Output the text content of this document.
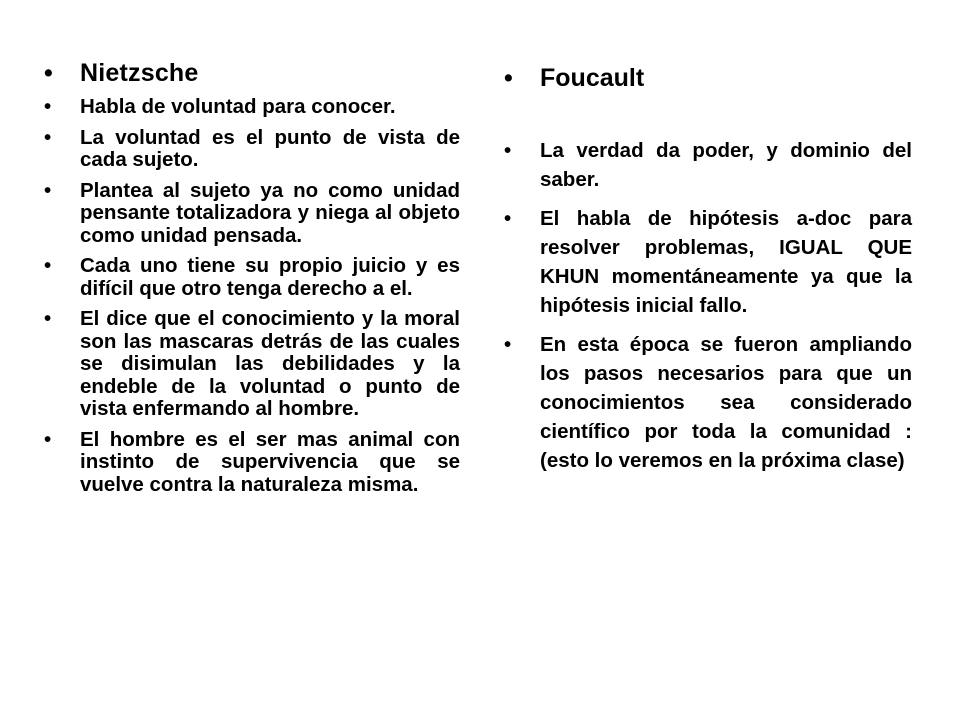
• Nietzsche
• Habla de voluntad para conocer.
• La voluntad es el punto de vista de cada sujeto.
• Plantea al sujeto ya no como unidad pensante totalizadora y niega al objeto como unidad pensada.
• Cada uno tiene su propio juicio y es difícil que otro tenga derecho a el.
• El dice que el conocimiento y la moral son las mascaras detrás de las cuales se disimulan las debilidades y la endeble de la voluntad o punto de vista enfermando al hombre.
• El hombre es el ser mas animal con instinto de supervivencia que se vuelve contra la naturaleza misma.
• Foucault
• La verdad da poder, y dominio del saber.
• El habla de hipótesis a-doc para resolver problemas, IGUAL QUE KHUN momentáneamente ya que la hipótesis inicial fallo.
• En esta época se fueron ampliando los pasos necesarios para que un conocimientos sea considerado científico por toda la comunidad : (esto lo veremos en la próxima clase)
